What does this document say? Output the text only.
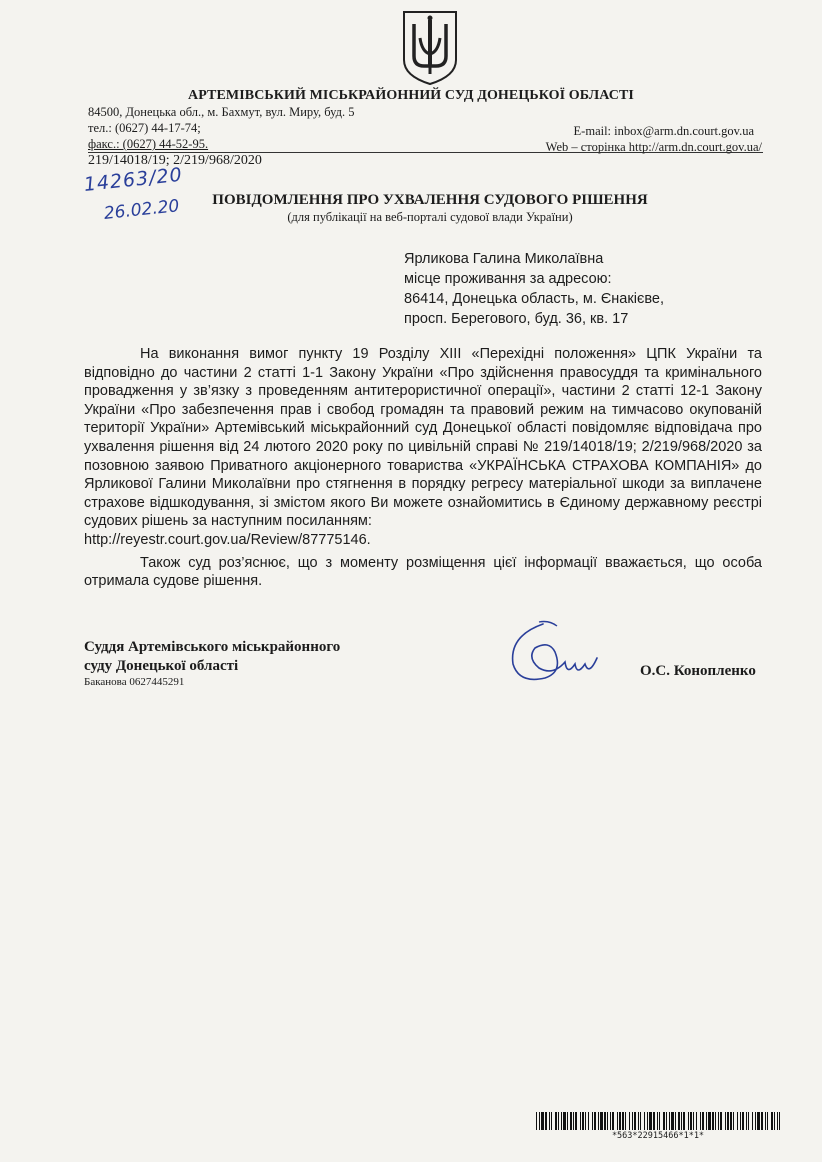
АРТЕМІВСЬКИЙ МІСЬКРАЙОННИЙ СУД ДОНЕЦЬКОЇ ОБЛАСТІ
84500, Донецька обл., м. Бахмут, вул. Миру, буд. 5
тел.: (0627) 44-17-74;
факс.: (0627) 44-52-95.
E-mail: inbox@arm.dn.court.gov.ua
Web – сторінка http://arm.dn.court.gov.ua/
219/14018/19; 2/219/968/2020
14263/20
26.02.20	ПОВІДОМЛЕННЯ ПРО УХВАЛЕННЯ СУДОВОГО РІШЕННЯ
(для публікації на веб-порталі судової влади України)
Ярликова Галина Миколаївна
місце проживання за адресою:
86414, Донецька область, м. Єнакієве,
просп. Берегового, буд. 36, кв. 17

На виконання вимог пункту 19 Розділу XIII «Перехідні положення» ЦПК України та відповідно до частини 2 статті 1-1 Закону України «Про здійснення правосуддя та кримінального провадження у зв’язку з проведенням антитерористичної операції», частини 2 статті 12-1 Закону України «Про забезпечення прав і свобод громадян та правовий режим на тимчасово окупованій території України» Артемівський міськрайонний суд Донецької області повідомляє відповідача про ухвалення рішення від 24 лютого 2020 року по цивільній справі № 219/14018/19; 2/219/968/2020 за позовною заявою Приватного акціонерного товариства «УКРАЇНСЬКА СТРАХОВА КОМПАНІЯ» до Ярликової Галини Миколаївни про стягнення в порядку регресу матеріальної шкоди за виплачене страхове відшкодування, зі змістом якого Ви можете ознайомитись в Єдиному державному реєстрі судових рішень за наступним посиланням:

http://reyestr.court.gov.ua/Review/87775146.

Також суд роз’яснює, що з моменту розміщення цієї інформації вважається, що особа отримала судове рішення.

Суддя Артемівського міськрайонного
суду Донецької області
Баканова 0627445291
О.С. Конопленко
*563*22915466*1*1*
